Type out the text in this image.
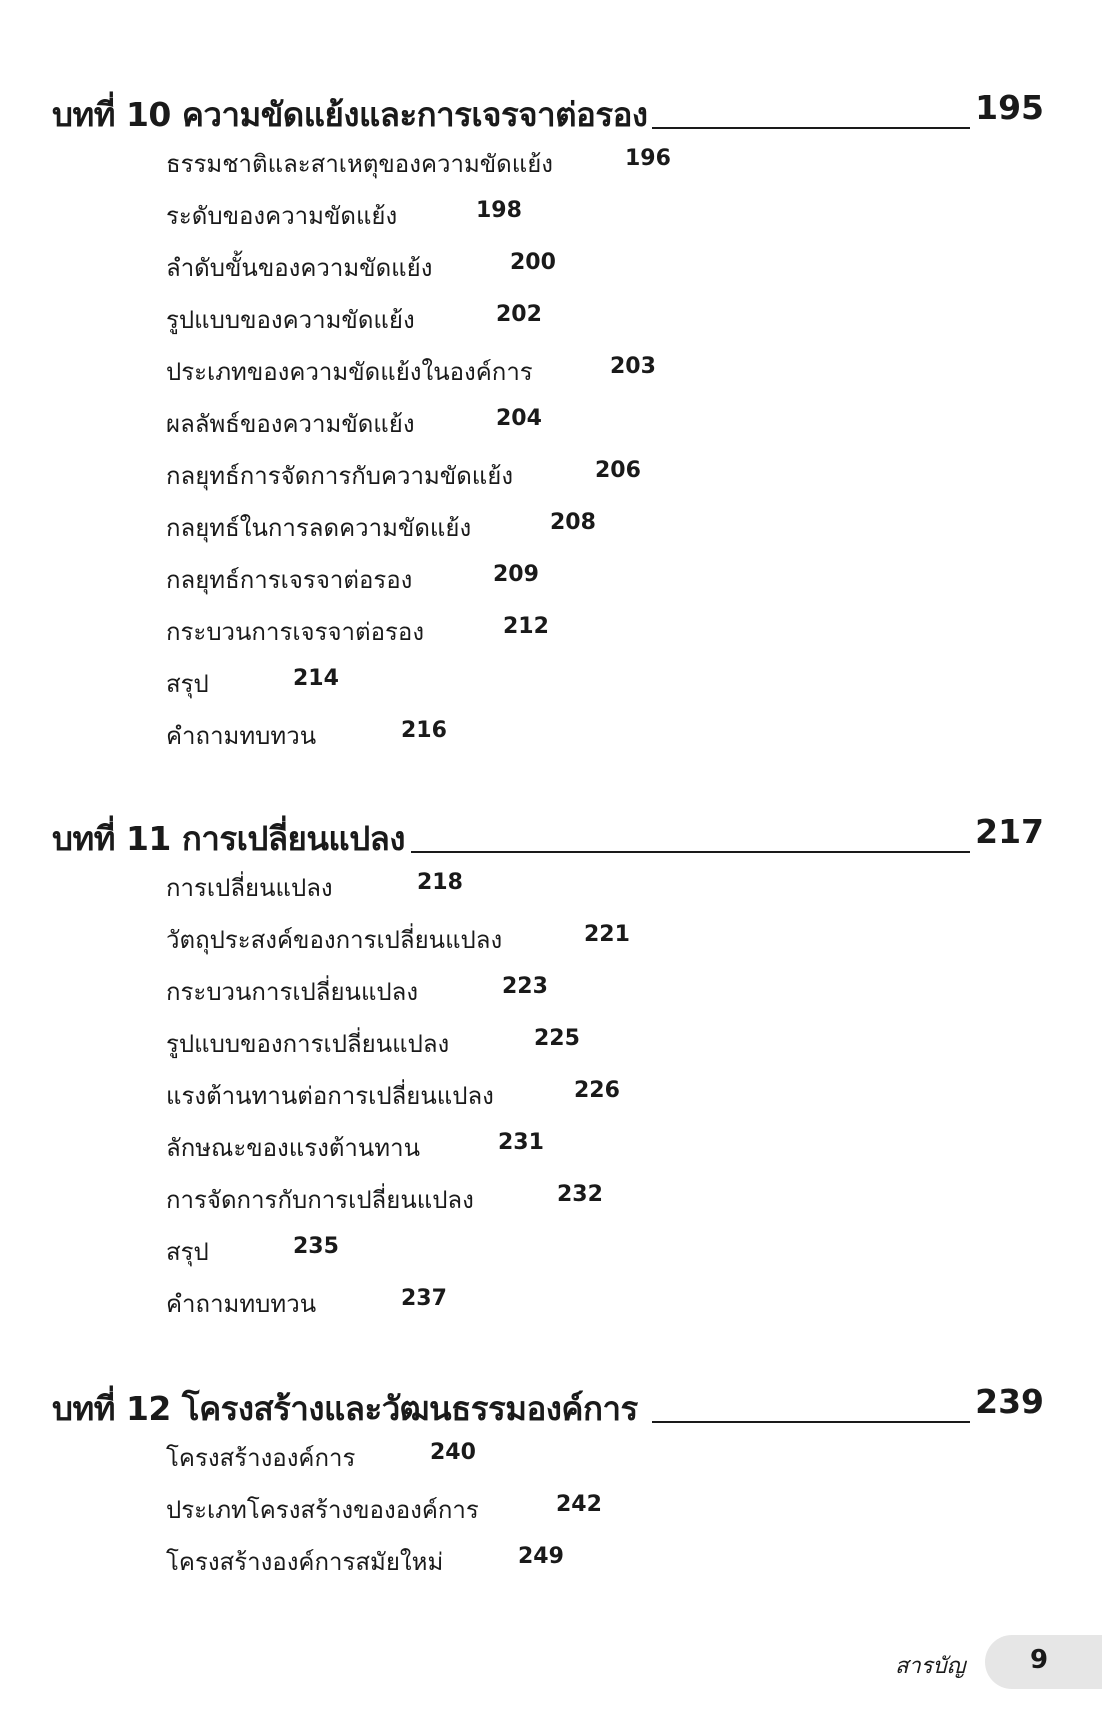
บทที่ 10 ความขัดแย้งและการเจรจาต่อรอง	195
ธรรมชาติและสาเหตุของความขัดแย้ง	196
ระดับของความขัดแย้ง	198
ลำดับขั้นของความขัดแย้ง	200
รูปแบบของความขัดแย้ง	202
ประเภทของความขัดแย้งในองค์การ	203
ผลลัพธ์ของความขัดแย้ง	204
กลยุทธ์การจัดการกับความขัดแย้ง	206
กลยุทธ์ในการลดความขัดแย้ง	208
กลยุทธ์การเจรจาต่อรอง	209
กระบวนการเจรจาต่อรอง	212
สรุป	214
คำถามทบทวน	216
บทที่ 11 การเปลี่ยนแปลง	217
การเปลี่ยนแปลง	218
วัตถุประสงค์ของการเปลี่ยนแปลง	221
กระบวนการเปลี่ยนแปลง	223
รูปแบบของการเปลี่ยนแปลง	225
แรงต้านทานต่อการเปลี่ยนแปลง	226
ลักษณะของแรงต้านทาน	231
การจัดการกับการเปลี่ยนแปลง	232
สรุป	235
คำถามทบทวน	237
บทที่ 12 โครงสร้างและวัฒนธรรมองค์การ	239
โครงสร้างองค์การ	240
ประเภทโครงสร้างขององค์การ	242
โครงสร้างองค์การสมัยใหม่	249
สารบัญ 9
